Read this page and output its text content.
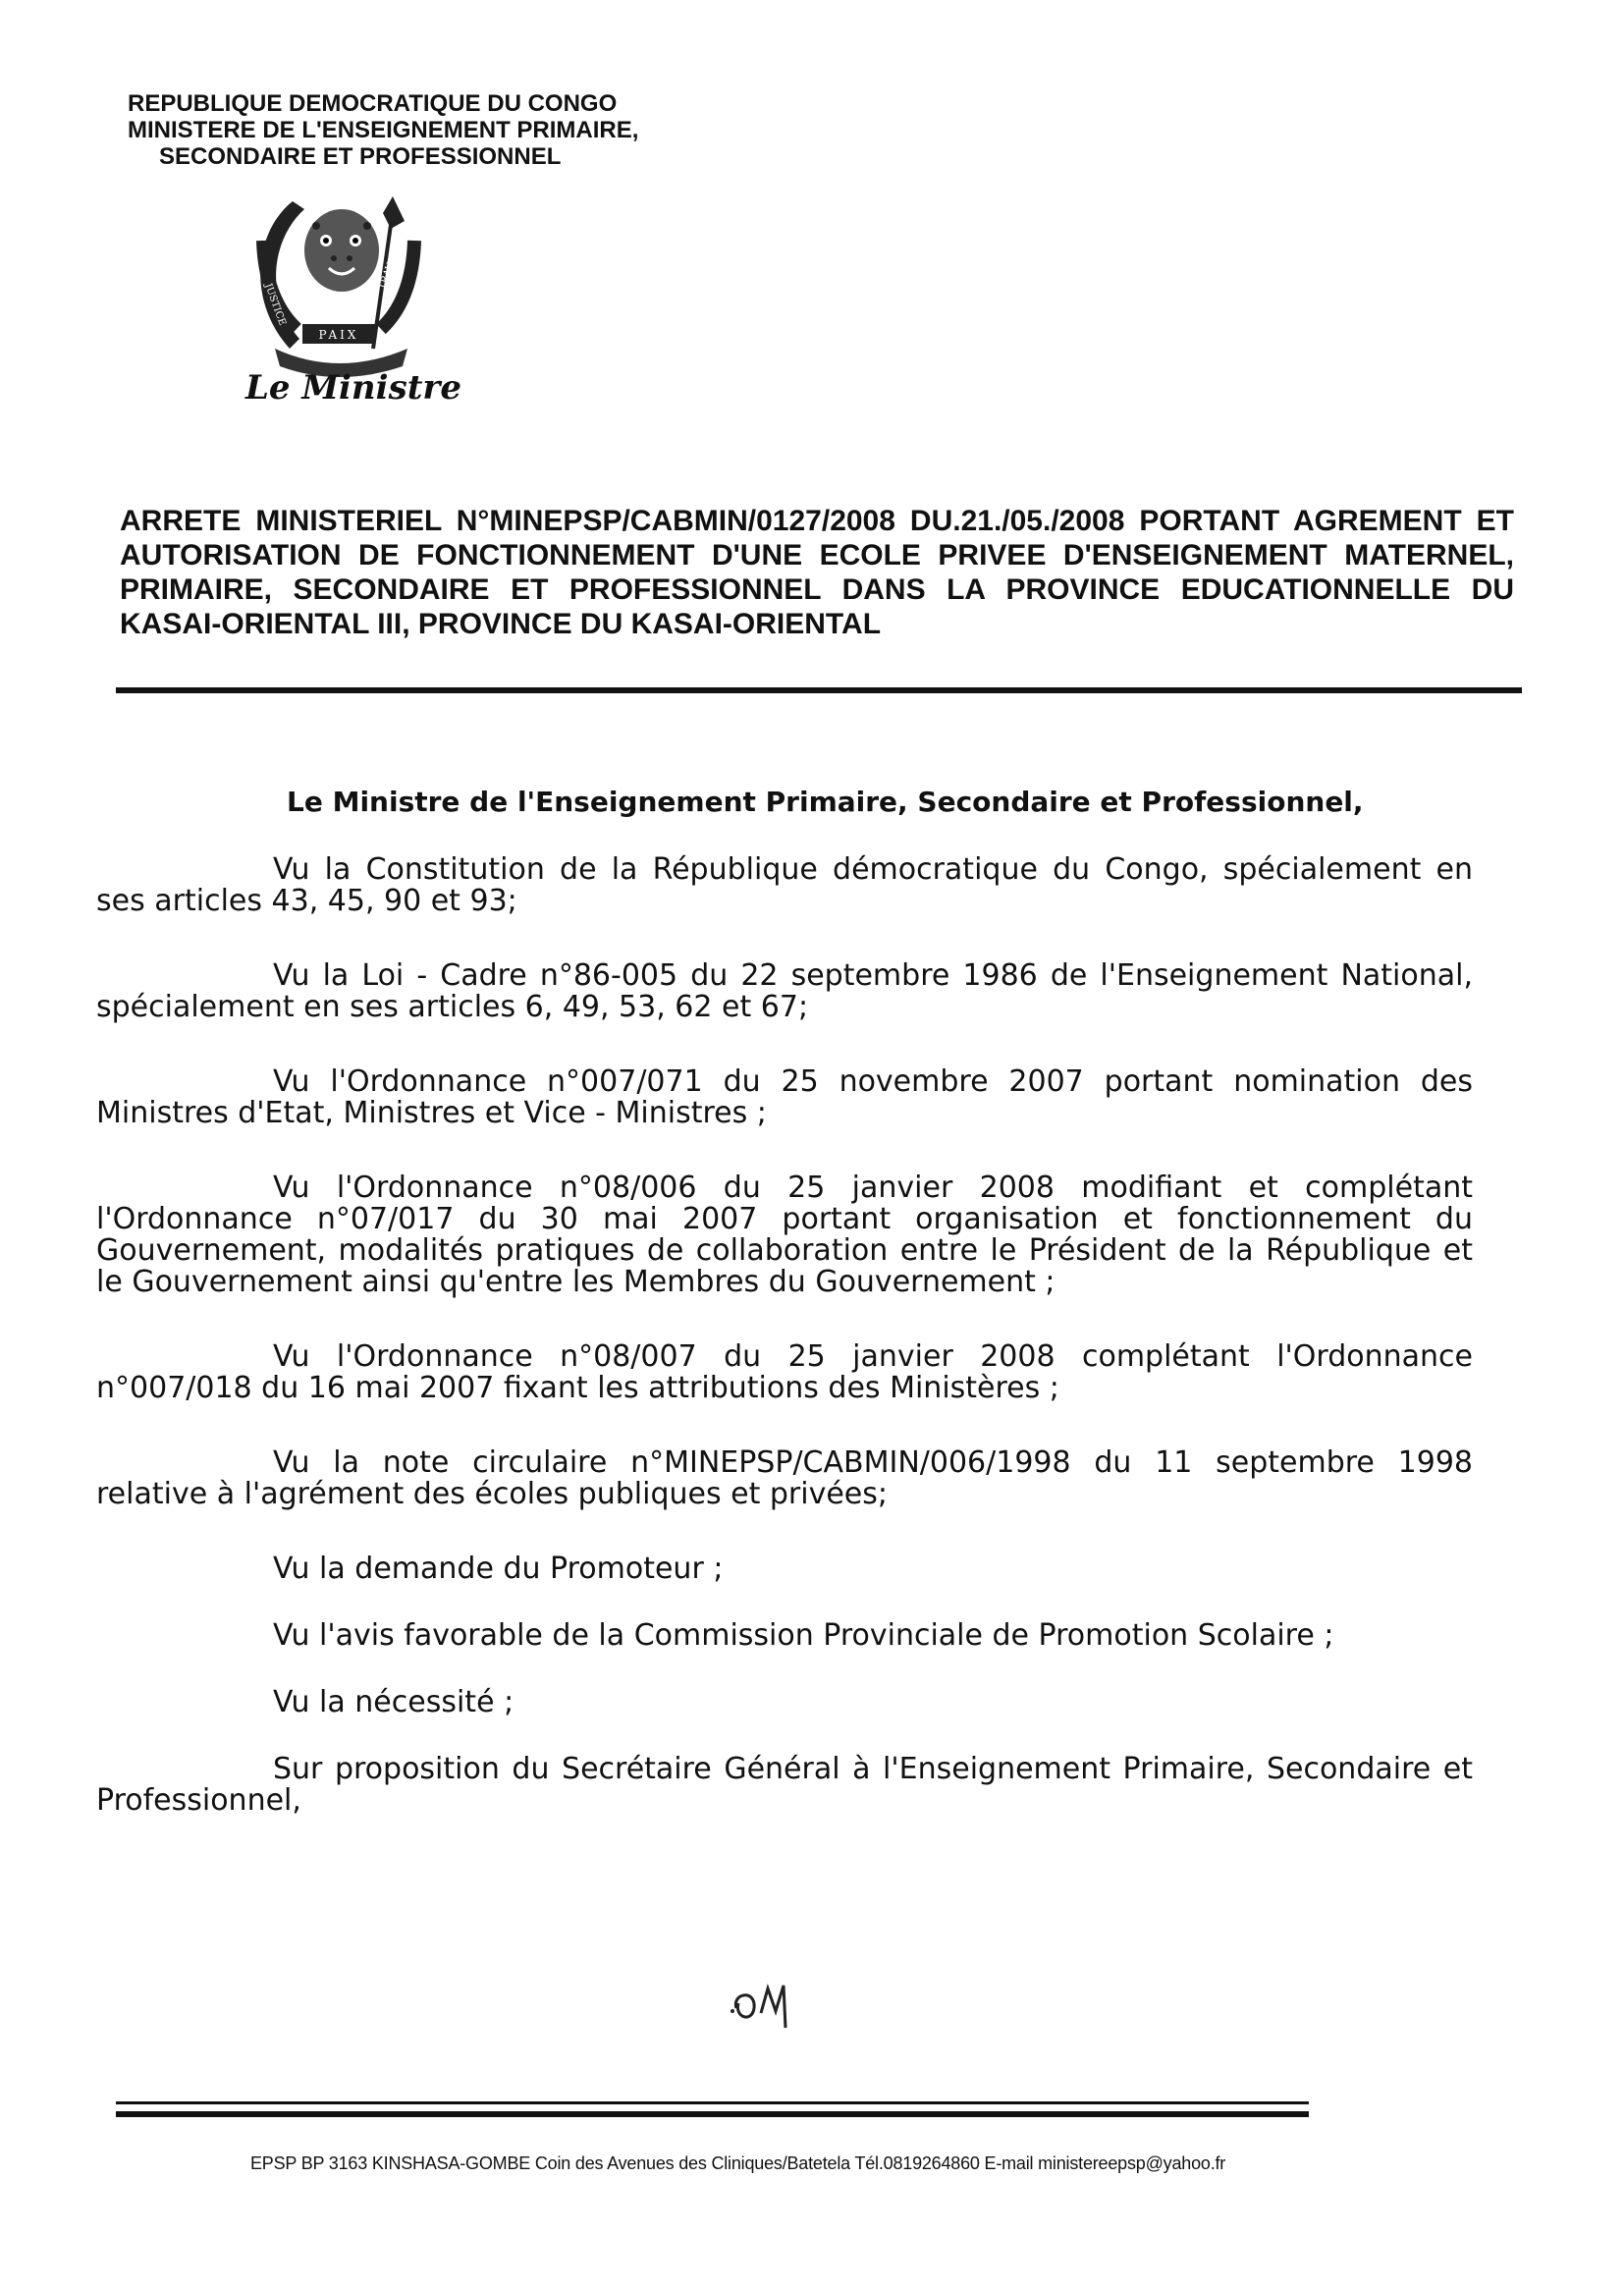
REPUBLIQUE DEMOCRATIQUE DU CONGO
MINISTERE DE L'ENSEIGNEMENT PRIMAIRE,
SECONDAIRE ET PROFESSIONNEL
JUSTICE
TRAVAIL
PAIX
Le Ministre
ARRETE MINISTERIEL N°MINEPSP/CABMIN/0127/2008 DU.21./05./2008 PORTANT AGREMENT ET AUTORISATION DE FONCTIONNEMENT D'UNE ECOLE PRIVEE D'ENSEIGNEMENT MATERNEL, PRIMAIRE, SECONDAIRE ET PROFESSIONNEL DANS LA PROVINCE EDUCATIONNELLE DU KASAI-ORIENTAL III, PROVINCE DU KASAI-ORIENTAL
Le Ministre de l'Enseignement Primaire, Secondaire et Professionnel,

Vu la Constitution de la République démocratique du Congo, spécialement en ses articles 43, 45, 90 et 93;

Vu la Loi - Cadre n°86-005 du 22 septembre 1986 de l'Enseignement National, spécialement en ses articles 6, 49, 53, 62 et 67;

Vu l'Ordonnance n°007/071 du 25 novembre 2007 portant nomination des Ministres d'Etat, Ministres et Vice - Ministres ;

Vu l'Ordonnance n°08/006 du 25 janvier 2008 modifiant et complétant l'Ordonnance n°07/017 du 30 mai 2007 portant organisation et fonctionnement du Gouvernement, modalités pratiques de collaboration entre le Président de la République et le Gouvernement ainsi qu'entre les Membres du Gouvernement ;

Vu l'Ordonnance n°08/007 du 25 janvier 2008 complétant l'Ordonnance n°007/018 du 16 mai 2007 fixant les attributions des Ministères ;

Vu la note circulaire n°MINEPSP/CABMIN/006/1998 du 11 septembre 1998 relative à l'agrément des écoles publiques et privées;

Vu la demande du Promoteur ;

Vu l'avis favorable de la Commission Provinciale de Promotion Scolaire ;

Vu la nécessité ;

Sur proposition du Secrétaire Général à l'Enseignement Primaire, Secondaire et Professionnel,

EPSP BP 3163 KINSHASA-GOMBE Coin des Avenues des Cliniques/Batetela Tél.0819264860 E-mail ministereepsp@yahoo.fr
